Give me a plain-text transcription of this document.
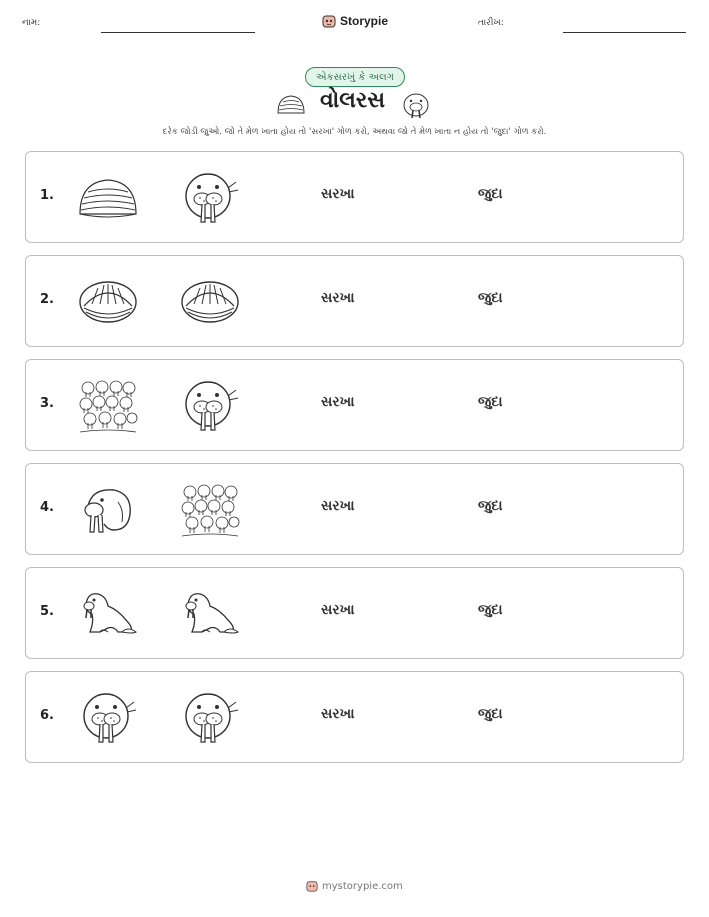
નામ:	Storypie	તારીખ:
એકસરખું કે અલગ
વોલરસ
દરેક જોડી જુઓ. જો તે મેળ ખાતા હોય તો 'સરખા' ગોળ કરો, અથવા જો તે મેળ ખાતા ન હોય તો 'જુદા' ગોળ કરો.
1.	સરખા	જુદા
2.	સરખા	જુદા
3.	સરખા	જુદા
4.	સરખા	જુદા
5.	સરખા	જુદા
6.	સરખા	જુદા
mystorypie.com
